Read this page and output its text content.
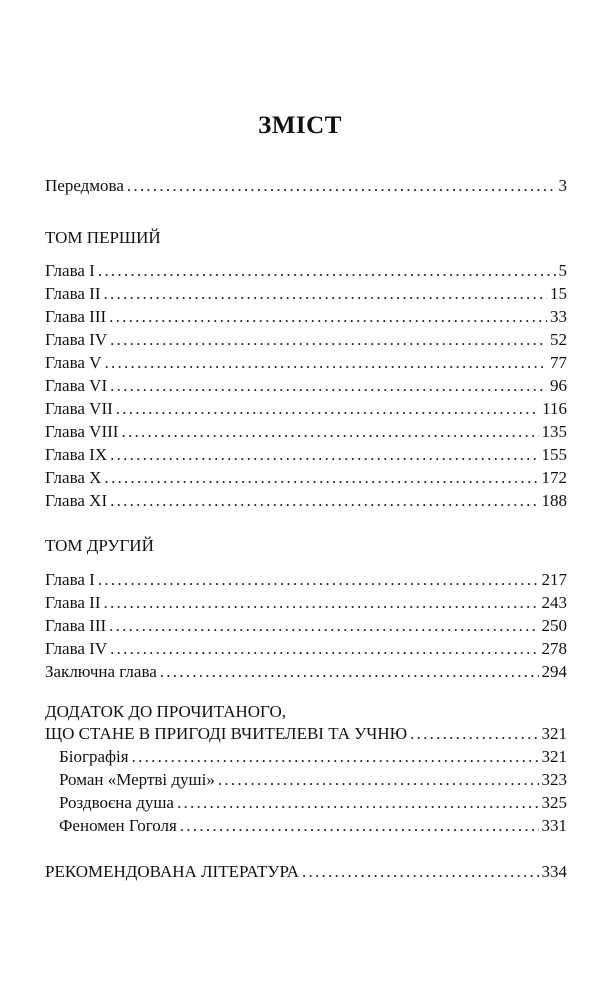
ЗМІСТ
Передмова . . .	3
ТОМ ПЕРШИЙ
Глава I . . .	5
Глава II . . .	15
Глава III . . .	33
Глава IV . . .	52
Глава V . . .	77
Глава VI . . .	96
Глава VII . . .	116
Глава VIII . . .	135
Глава IX . . .	155
Глава X . . .	172
Глава XI . . .	188
ТОМ ДРУГИЙ
Глава I . . .	217
Глава II . . .	243
Глава III . . .	250
Глава IV . . .	278
Заключна глава . . .	294
ДОДАТОК ДО ПРОЧИТАНОГО,
ЩО СТАНЕ В ПРИГОДІ ВЧИТЕЛЕВІ ТА УЧНЮ . . .	321
Біографія . . .	321
Роман «Мертві душі» . . .	323
Роздвоєна душа . . .	325
Феномен Гоголя . . .	331
РЕКОМЕНДОВАНА ЛІТЕРАТУРА . . .	334
